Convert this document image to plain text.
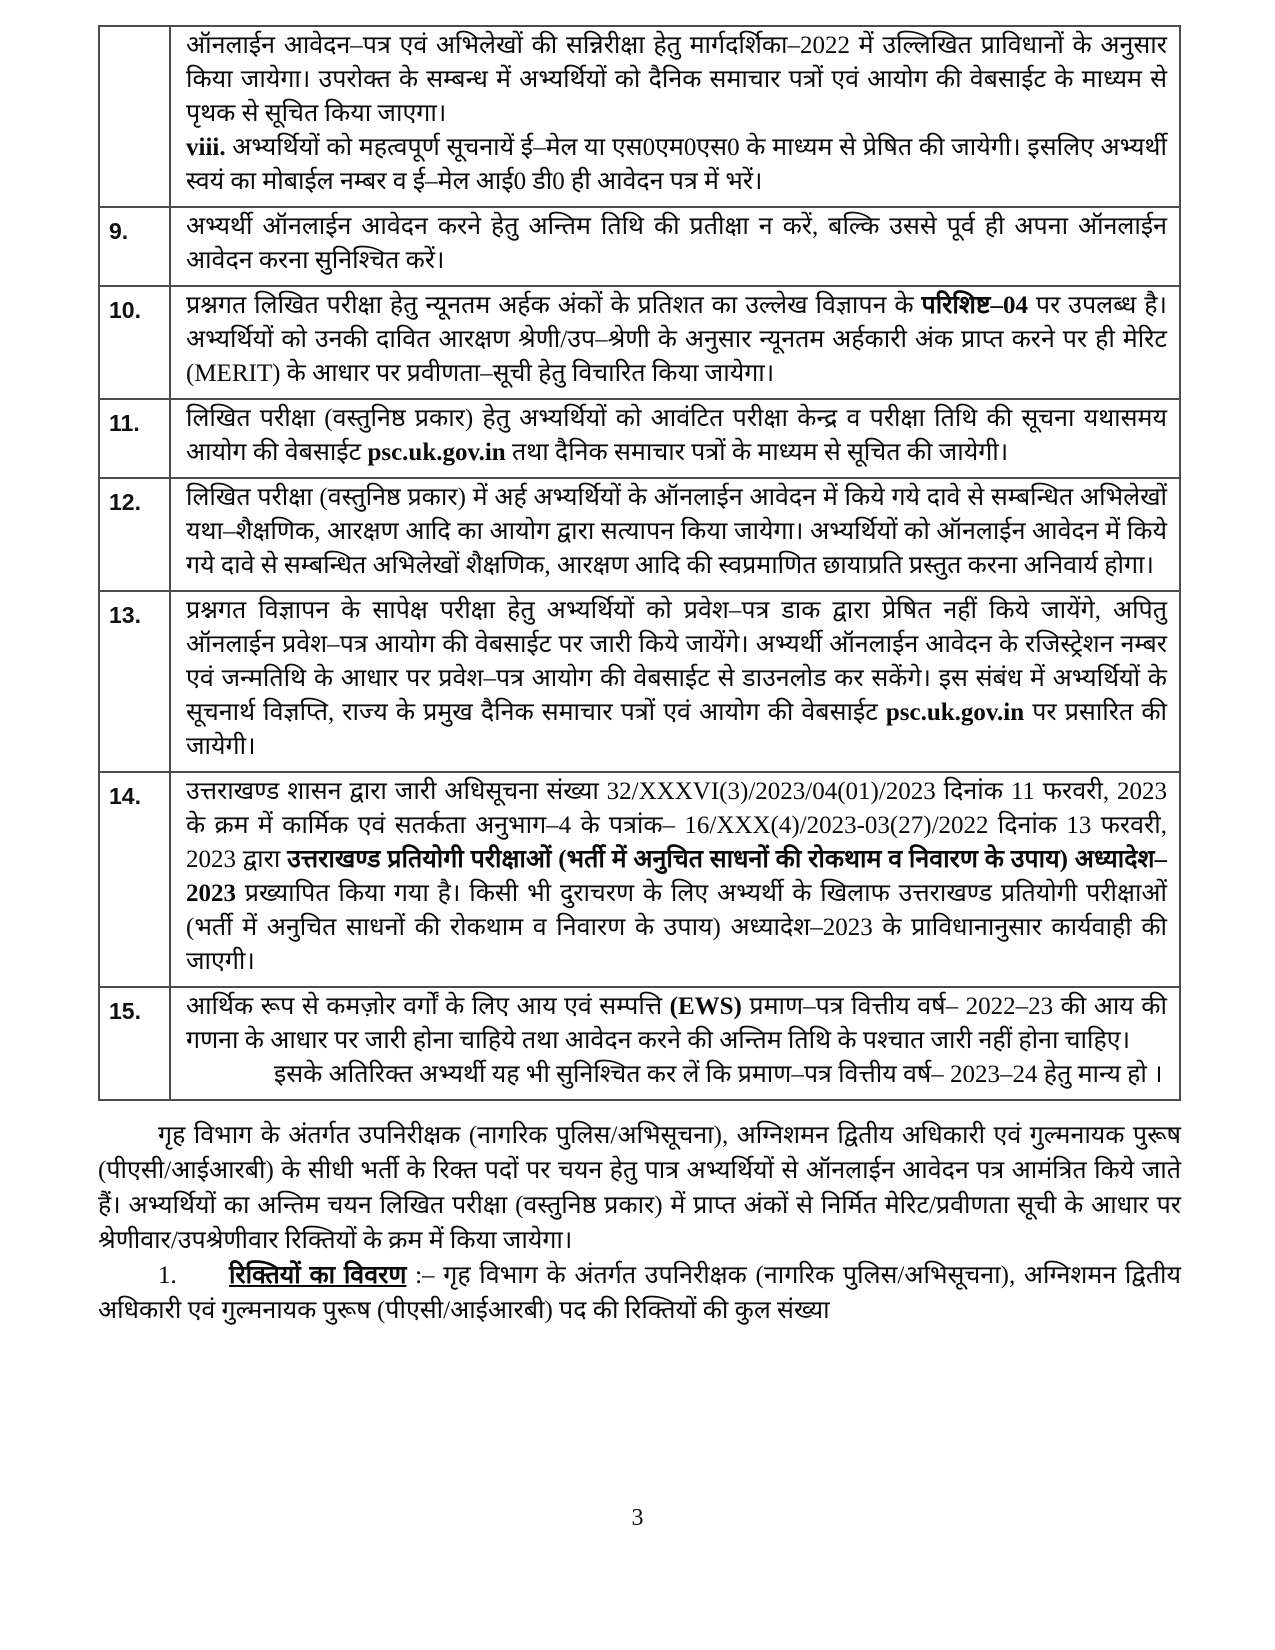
	ऑनलाईन आवेदन–पत्र एवं अभिलेखों की सन्निरीक्षा हेतु मार्गदर्शिका–2022 में उल्लिखित प्राविधानों के अनुसार किया जायेगा। उपरोक्त के सम्बन्ध में अभ्यर्थियों को दैनिक समाचार पत्रों एवं आयोग की वेबसाईट के माध्यम से पृथक से सूचित किया जाएगा।
viii. अभ्यर्थियों को महत्वपूर्ण सूचनायें ई–मेल या एस0एम0एस0 के माध्यम से प्रेषित की जायेगी। इसलिए अभ्यर्थी स्वयं का मोबाईल नम्बर व ई–मेल आई0 डी0 ही आवेदन पत्र में भरें।

9.	अभ्यर्थी ऑनलाईन आवेदन करने हेतु अन्तिम तिथि की प्रतीक्षा न करें, बल्कि उससे पूर्व ही अपना ऑनलाईन आवेदन करना सुनिश्चित करें।

10.	प्रश्नगत लिखित परीक्षा हेतु न्यूनतम अर्हक अंकों के प्रतिशत का उल्लेख विज्ञापन के परिशिष्ट–04 पर उपलब्ध है। अभ्यर्थियों को उनकी दावित आरक्षण श्रेणी/उप–श्रेणी के अनुसार न्यूनतम अर्हकारी अंक प्राप्त करने पर ही मेरिट (MERIT) के आधार पर प्रवीणता–सूची हेतु विचारित किया जायेगा।

11.	लिखित परीक्षा (वस्तुनिष्ठ प्रकार) हेतु अभ्यर्थियों को आवंटित परीक्षा केन्द्र व परीक्षा तिथि की सूचना यथासमय आयोग की वेबसाईट psc.uk.gov.in तथा दैनिक समाचार पत्रों के माध्यम से सूचित की जायेगी।

12.	लिखित परीक्षा (वस्तुनिष्ठ प्रकार) में अर्ह अभ्यर्थियों के ऑनलाईन आवेदन में किये गये दावे से सम्बन्धित अभिलेखों यथा–शैक्षणिक, आरक्षण आदि का आयोग द्वारा सत्यापन किया जायेगा। अभ्यर्थियों को ऑनलाईन आवेदन में किये गये दावे से सम्बन्धित अभिलेखों शैक्षणिक, आरक्षण आदि की स्वप्रमाणित छायाप्रति प्रस्तुत करना अनिवार्य होगा।

13.	प्रश्नगत विज्ञापन के सापेक्ष परीक्षा हेतु अभ्यर्थियों को प्रवेश–पत्र डाक द्वारा प्रेषित नहीं किये जायेंगे, अपितु ऑनलाईन प्रवेश–पत्र आयोग की वेबसाईट पर जारी किये जायेंगे। अभ्यर्थी ऑनलाईन आवेदन के रजिस्ट्रेशन नम्बर एवं जन्मतिथि के आधार पर प्रवेश–पत्र आयोग की वेबसाईट से डाउनलोड कर सकेंगे। इस संबंध में अभ्यर्थियों के सूचनार्थ विज्ञप्ति, राज्य के प्रमुख दैनिक समाचार पत्रों एवं आयोग की वेबसाईट psc.uk.gov.in पर प्रसारित की जायेगी।

14.	उत्तराखण्ड शासन द्वारा जारी अधिसूचना संख्या 32/XXXVI(3)/2023/04(01)/2023 दिनांक 11 फरवरी, 2023 के क्रम में कार्मिक एवं सतर्कता अनुभाग–4 के पत्रांक– 16/XXX(4)/2023-03(27)/2022 दिनांक 13 फरवरी, 2023 द्वारा उत्तराखण्ड प्रतियोगी परीक्षाओं (भर्ती में अनुचित साधनों की रोकथाम व निवारण के उपाय) अध्यादेश–2023 प्रख्यापित किया गया है। किसी भी दुराचरण के लिए अभ्यर्थी के खिलाफ उत्तराखण्ड प्रतियोगी परीक्षाओं (भर्ती में अनुचित साधनों की रोकथाम व निवारण के उपाय) अध्यादेश–2023 के प्राविधानानुसार कार्यवाही की जाएगी।

15.	आर्थिक रूप से कमज़ोर वर्गों के लिए आय एवं सम्पत्ति (EWS) प्रमाण–पत्र वित्तीय वर्ष– 2022–23 की आय की गणना के आधार पर जारी होना चाहिये तथा आवेदन करने की अन्तिम तिथि के पश्चात जारी नहीं होना चाहिए।
इसके अतिरिक्त अभ्यर्थी यह भी सुनिश्चित कर लें कि प्रमाण–पत्र वित्तीय वर्ष– 2023–24 हेतु मान्य हो ।
गृह विभाग के अंतर्गत उपनिरीक्षक (नागरिक पुलिस/अभिसूचना), अग्निशमन द्वितीय अधिकारी एवं गुल्मनायक पुरूष (पीएसी/आईआरबी) के सीधी भर्ती के रिक्त पदों पर चयन हेतु पात्र अभ्यर्थियों से ऑनलाईन आवेदन पत्र आमंत्रित किये जाते हैं। अभ्यर्थियों का अन्तिम चयन लिखित परीक्षा (वस्तुनिष्ठ प्रकार) में प्राप्त अंकों से निर्मित मेरिट/प्रवीणता सूची के आधार पर श्रेणीवार/उपश्रेणीवार रिक्तियों के क्रम में किया जायेगा।
1.      रिक्तियों का विवरण :– गृह विभाग के अंतर्गत उपनिरीक्षक (नागरिक पुलिस/अभिसूचना), अग्निशमन द्वितीय अधिकारी एवं गुल्मनायक पुरूष (पीएसी/आईआरबी) पद की रिक्तियों की कुल संख्या
3
